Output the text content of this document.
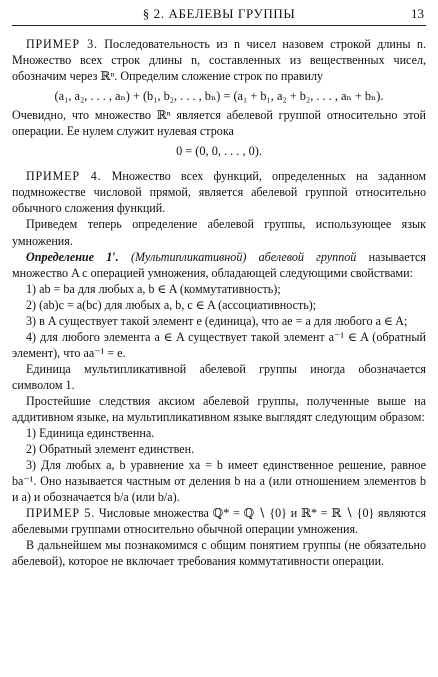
§ 2. АБЕЛЕВЫ ГРУППЫ	13

ПРИМЕР 3. Последовательность из n чисел назовем строкой длины n. Множество всех строк длины n, составленных из вещественных чисел, обозначим через ℝⁿ. Определим сложение строк по правилу

(a₁, a₂, . . . , aₙ) + (b₁, b₂, . . . , bₙ) = (a₁ + b₁, a₂ + b₂, . . . , aₙ + bₙ).

Очевидно, что множество ℝⁿ является абелевой группой относительно этой операции. Ее нулем служит нулевая строка

0 = (0, 0, . . . , 0).

ПРИМЕР 4. Множество всех функций, определенных на заданном подмножестве числовой прямой, является абелевой группой относительно обычного сложения функций.

Приведем теперь определение абелевой группы, использующее язык умножения.

Определение 1′. (Мультипликативной) абелевой группой называется множество A с операцией умножения, обладающей следующими свойствами:

1) ab = ba для любых a, b ∈ A (коммутативность);

2) (ab)c = a(bc) для любых a, b, c ∈ A (ассоциативность);

3) в A существует такой элемент e (единица), что ae = a для любого a ∈ A;

4) для любого элемента a ∈ A существует такой элемент a⁻¹ ∈ A (обратный элемент), что aa⁻¹ = e.

Единица мультипликативной абелевой группы иногда обозначается символом 1.

Простейшие следствия аксиом абелевой группы, полученные выше на аддитивном языке, на мультипликативном языке выглядят следующим образом:

1) Единица единственна.

2) Обратный элемент единствен.

3) Для любых a, b уравнение xa = b имеет единственное решение, равное ba⁻¹. Оно называется частным от деления b на a (или отношением элементов b и a) и обозначается b/a (или b/a).

ПРИМЕР 5. Числовые множества ℚ* = ℚ ∖ {0} и ℝ* = ℝ ∖ {0} являются абелевыми группами относительно обычной операции умножения.

В дальнейшем мы познакомимся с общим понятием группы (не обязательно абелевой), которое не включает требования коммутативности операции.
